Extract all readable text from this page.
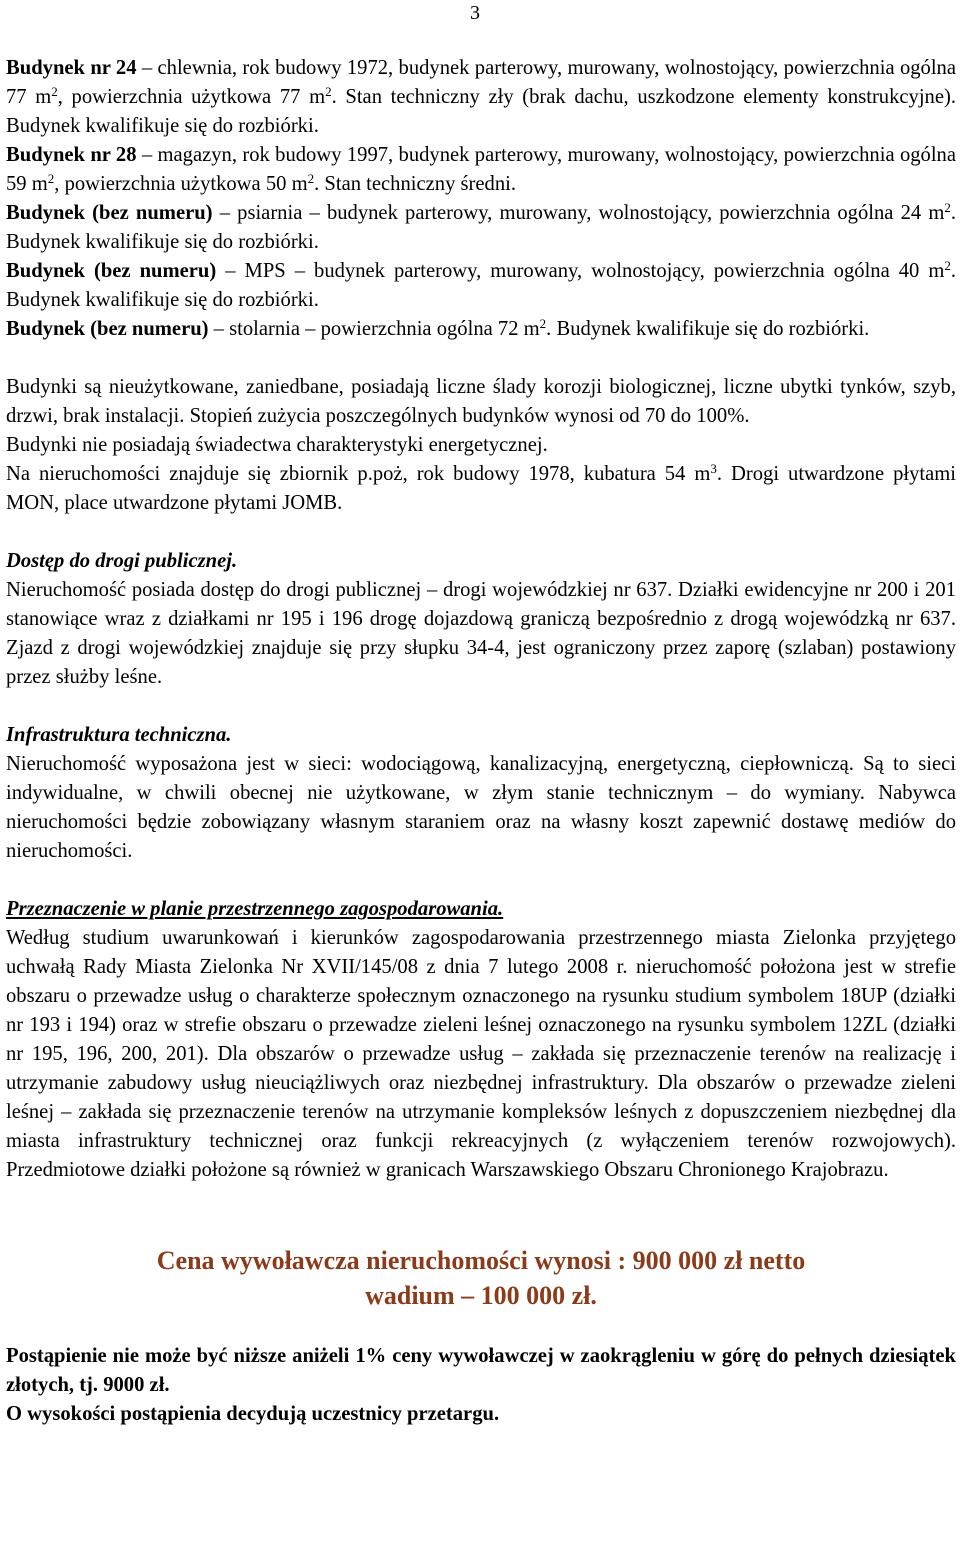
3

Budynek nr 24 – chlewnia, rok budowy 1972, budynek parterowy, murowany, wolnostojący, powierzchnia ogólna 77 $m^2$, powierzchnia użytkowa 77 $m^2$. Stan techniczny zły (brak dachu, uszkodzone elementy konstrukcyjne). Budynek kwalifikuje się do rozbiórki.

Budynek nr 28 – magazyn, rok budowy 1997, budynek parterowy, murowany, wolnostojący, powierzchnia ogólna 59 $m^2$, powierzchnia użytkowa 50 $m^2$. Stan techniczny średni.

Budynek (bez numeru) – psiarnia – budynek parterowy, murowany, wolnostojący, powierzchnia ogólna 24 $m^2$. Budynek kwalifikuje się do rozbiórki.

Budynek (bez numeru) – MPS – budynek parterowy, murowany, wolnostojący, powierzchnia ogólna 40 $m^2$. Budynek kwalifikuje się do rozbiórki.

Budynek (bez numeru) – stolarnia – powierzchnia ogólna 72 $m^2$. Budynek kwalifikuje się do rozbiórki.

Budynki są nieużytkowane, zaniedbane, posiadają liczne ślady korozji biologicznej, liczne ubytki tynków, szyb, drzwi, brak instalacji. Stopień zużycia poszczególnych budynków wynosi od 70 do 100%.

Budynki nie posiadają świadectwa charakterystyki energetycznej.

Na nieruchomości znajduje się zbiornik p.poż, rok budowy 1978, kubatura 54 $m^3$. Drogi utwardzone płytami MON, place utwardzone płytami JOMB.

Dostęp do drogi publicznej.

Nieruchomość posiada dostęp do drogi publicznej – drogi wojewódzkiej nr 637. Działki ewidencyjne nr 200 i 201 stanowiące wraz z działkami nr 195 i 196 drogę dojazdową graniczą bezpośrednio z drogą wojewódzką nr 637. Zjazd z drogi wojewódzkiej znajduje się przy słupku 34-4, jest ograniczony przez zaporę (szlaban) postawiony przez służby leśne.

Infrastruktura techniczna.

Nieruchomość wyposażona jest w sieci: wodociągową, kanalizacyjną, energetyczną, ciepłowniczą. Są to sieci indywidualne, w chwili obecnej nie użytkowane, w złym stanie technicznym – do wymiany. Nabywca nieruchomości będzie zobowiązany własnym staraniem oraz na własny koszt zapewnić dostawę mediów do nieruchomości.

Przeznaczenie w planie przestrzennego zagospodarowania.

Według studium uwarunkowań i kierunków zagospodarowania przestrzennego miasta Zielonka przyjętego uchwałą Rady Miasta Zielonka Nr XVII/145/08 z dnia 7 lutego 2008 r. nieruchomość położona jest w strefie obszaru o przewadze usług o charakterze społecznym oznaczonego na rysunku studium symbolem 18UP (działki nr 193 i 194) oraz w strefie obszaru o przewadze zieleni leśnej oznaczonego na rysunku symbolem 12ZL (działki nr 195, 196, 200, 201). Dla obszarów o przewadze usług – zakłada się przeznaczenie terenów na realizację i utrzymanie zabudowy usług nieuciążliwych oraz niezbędnej infrastruktury. Dla obszarów o przewadze zieleni leśnej – zakłada się przeznaczenie terenów na utrzymanie kompleksów leśnych z dopuszczeniem niezbędnej dla miasta infrastruktury technicznej oraz funkcji rekreacyjnych (z wyłączeniem terenów rozwojowych). Przedmiotowe działki położone są również w granicach Warszawskiego Obszaru Chronionego Krajobrazu.

Cena wywoławcza nieruchomości wynosi : 900 000 zł netto
wadium – 100 000 zł.

Postąpienie nie może być niższe aniżeli 1% ceny wywoławczej w zaokrągleniu w górę do pełnych dziesiątek złotych, tj. 9000 zł.

O wysokości postąpienia decydują uczestnicy przetargu.
